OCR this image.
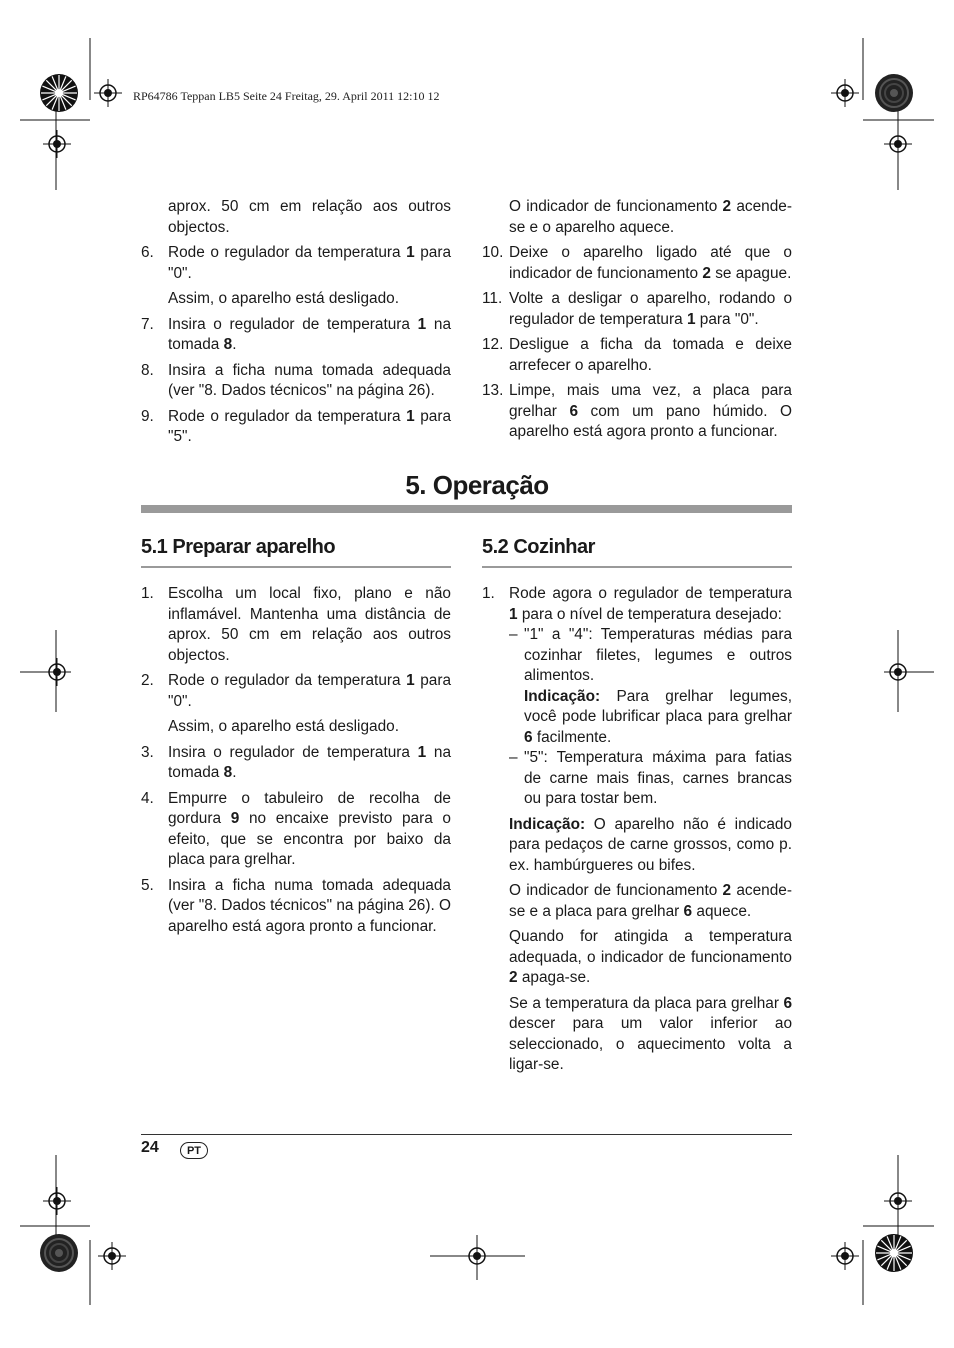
RP64786 Teppan LB5 Seite 24 Freitag, 29. April 2011 12:10 12
aprox. 50 cm em relação aos outros objectos.
6. Rode o regulador da temperatura 1 para "0".
Assim, o aparelho está desligado.
7. Insira o regulador de temperatura 1 na tomada 8.
8. Insira a ficha numa tomada adequada (ver "8. Dados técnicos" na página 26).
9. Rode o regulador da temperatura 1 para "5".
O indicador de funcionamento 2 acende-se e o aparelho aquece.
10. Deixe o aparelho ligado até que o indicador de funcionamento 2 se apague.
11. Volte a desligar o aparelho, rodando o regulador de temperatura 1 para "0".
12. Desligue a ficha da tomada e deixe arrefecer o aparelho.
13. Limpe, mais uma vez, a placa para grelhar 6 com um pano húmido. O aparelho está agora pronto a funcionar.
5. Operação
5.1 Preparar aparelho	5.2 Cozinhar
1. Escolha um local fixo, plano e não inflamável. Mantenha uma distância de aprox. 50 cm em relação aos outros objectos.
2. Rode o regulador da temperatura 1 para "0".
Assim, o aparelho está desligado.
3. Insira o regulador de temperatura 1 na tomada 8.
4. Empurre o tabuleiro de recolha de gordura 9 no encaixe previsto para o efeito, que se encontra por baixo da placa para grelhar.
5. Insira a ficha numa tomada adequada (ver "8. Dados técnicos" na página 26). O aparelho está agora pronto a funcionar.
1. Rode agora o regulador de temperatura 1 para o nível de temperatura desejado:
– "1" a "4": Temperaturas médias para cozinhar filetes, legumes e outros alimentos.
Indicação: Para grelhar legumes, você pode lubrificar placa para grelhar 6 facilmente.
– "5": Temperatura máxima para fatias de carne mais finas, carnes brancas ou para tostar bem.
Indicação: O aparelho não é indicado para pedaços de carne grossos, como p. ex. hambúrgueres ou bifes.
O indicador de funcionamento 2 acende-se e a placa para grelhar 6 aquece.
Quando for atingida a temperatura adequada, o indicador de funcionamento 2 apaga-se.
Se a temperatura da placa para grelhar 6 descer para um valor inferior ao seleccionado, o aquecimento volta a ligar-se.
24	PT
